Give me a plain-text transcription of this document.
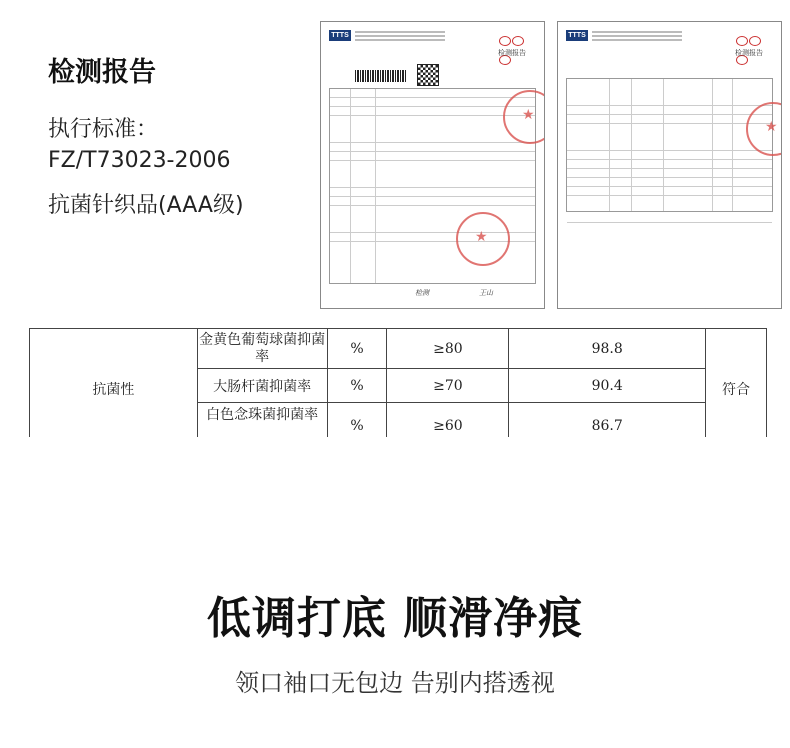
检测报告
执行标准：
FZ/T73023-2006
抗菌针织品(AAA级)
TTTS
检测报告
★
★
检测	王山
TTTS
检测报告
★
抗菌性	金黄色葡萄球菌抑菌率	%	≥80	98.8	符合
	大肠杆菌抑菌率	%	≥70	90.4	
	白色念珠菌抑菌率	%	≥60	86.7	
低调打底 顺滑净痕
领口袖口无包边 告别内搭透视
